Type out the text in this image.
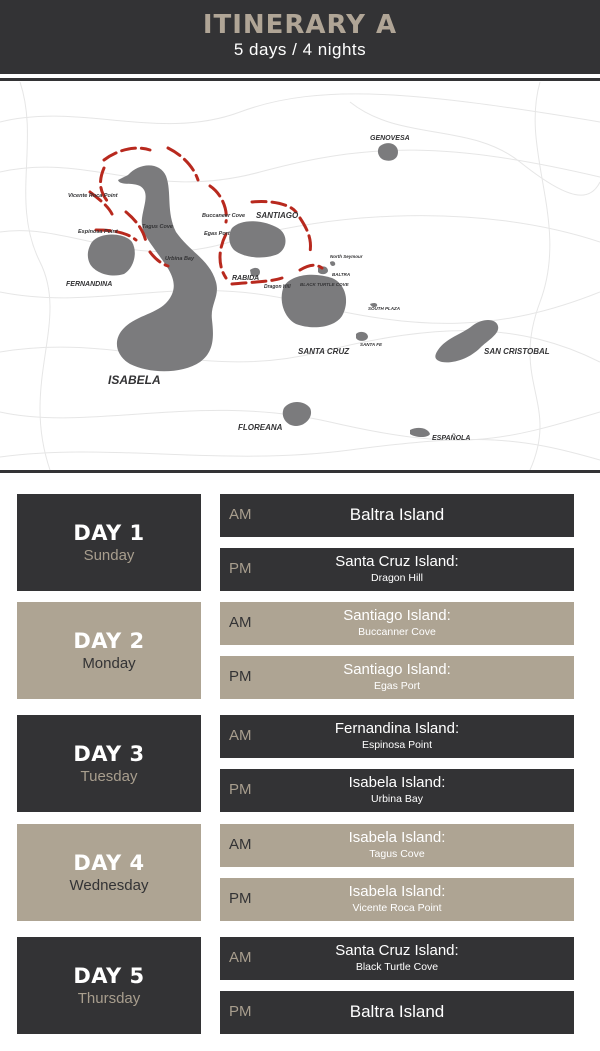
ITINERARY A
5 days / 4 nights
GENOVESA
Vicente Roca Point
Buccaneer Cove SANTIAGO
Tagus Cove
Espinosa Point	Egas Port
Urbina Bay
FERNANDINA
RABIDA
Dragon Hill BLACK TURTLE COVE
BALTRA
North Seymour
SOUTH PLAZA
SANTA FE
SANTA CRUZ	SAN CRISTOBAL
ISABELA
FLOREANA
ESPAÑOLA
DAY 1
Sunday
AM	Baltra Island
PM	Santa Cruz Island:
Dragon Hill
DAY 2
Monday
AM	Santiago Island:
Buccanner Cove
PM	Santiago Island:
Egas Port
DAY 3
Tuesday
AM	Fernandina Island:
Espinosa Point
PM	Isabela Island:
Urbina Bay
DAY 4
Wednesday
AM	Isabela Island:
Tagus Cove
PM	Isabela Island:
Vicente Roca Point
DAY 5
Thursday
AM	Santa Cruz Island:
Black Turtle Cove
PM	Baltra Island
